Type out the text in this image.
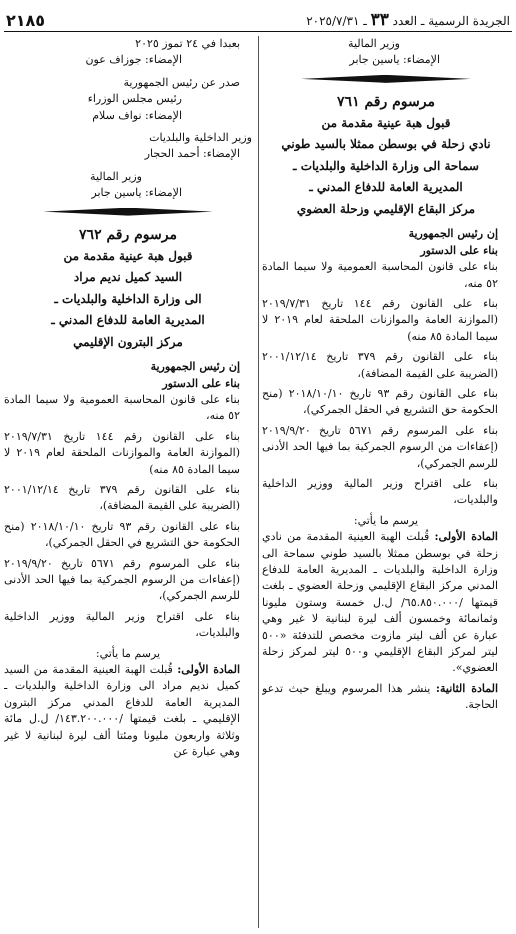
الجريدة الرسمية ـ العدد ٣٣ ـ ٢٠٢٥/٧/٣١
٢١٨٥
وزير المالية
الإمضاء: ياسين جابر
مرسوم رقم ٧٦١
قبول هبة عينية مقدمة من
نادي زحلة في بوسطن ممثلا بالسيد طوني
سماحة الى وزارة الداخلية والبلديات ـ
المديرية العامة للدفاع المدني ـ
مركز البقاع الإقليمي وزحلة العضوي
إن رئيس الجمهورية
بناء على الدستور
بناء على قانون المحاسبة العمومية ولا سيما المادة ٥٢ منه،
بناء على القانون رقم ١٤٤ تاريخ ٢٠١٩/٧/٣١ (الموازنة العامة والموازنات الملحقة لعام ٢٠١٩ لا سيما المادة ٨٥ منه)
بناء على القانون رقم ٣٧٩ تاريخ ٢٠٠١/١٢/١٤ (الضريبة على القيمة المضافة)،
بناء على القانون رقم ٩٣ تاريخ ٢٠١٨/١٠/١٠ (منح الحكومة حق التشريع في الحقل الجمركي)،
بناء على المرسوم رقم ٥٦٧١ تاريخ ٢٠١٩/٩/٢٠ (إعفاءات من الرسوم الجمركية بما فيها الحد الأدنى للرسم الجمركي)،
بناء على اقتراح وزير المالية ووزير الداخلية والبلديات،
يرسم ما يأتي:
المادة الأولى: قُبلت الهبة العينية المقدمة من نادي زحلة في بوسطن ممثلا بالسيد طوني سماحة الى وزارة الداخلية والبلديات ـ المديرية العامة للدفاع المدني مركز البقاع الإقليمي وزحلة العضوي ـ بلغت قيمتها /٦٥.٨٥٠.٠٠٠/ ل.ل خمسة وستون مليونا وثمانمائة وخمسون ألف ليرة لبنانية لا غير وهي عبارة عن ألف ليتر مازوت مخصص للتدفئة «٥٠٠ ليتر لمركز البقاع الإقليمي و٥٠٠ ليتر لمركز زحلة العضوي».
المادة الثانية: ينشر هذا المرسوم ويبلغ حيث تدعو الحاجة.
بعبدا في ٢٤ تموز ٢٠٢٥
الإمضاء: جوزاف عون
صدر عن رئيس الجمهورية
رئيس مجلس الوزراء
الإمضاء: نواف سلام
وزير الداخلية والبلديات
الإمضاء: أحمد الحجار
وزير المالية
الإمضاء: ياسين جابر
مرسوم رقم ٧٦٢
قبول هبة عينية مقدمة من
السيد كميل نديم مراد
الى وزارة الداخلية والبلديات ـ
المديرية العامة للدفاع المدني ـ
مركز البترون الإقليمي
إن رئيس الجمهورية
بناء على الدستور
بناء على قانون المحاسبة العمومية ولا سيما المادة ٥٢ منه،
بناء على القانون رقم ١٤٤ تاريخ ٢٠١٩/٧/٣١ (الموازنة العامة والموازنات الملحقة لعام ٢٠١٩ لا سيما المادة ٨٥ منه)
بناء على القانون رقم ٣٧٩ تاريخ ٢٠٠١/١٢/١٤ (الضريبة على القيمة المضافة)،
بناء على القانون رقم ٩٣ تاريخ ٢٠١٨/١٠/١٠ (منح الحكومة حق التشريع في الحقل الجمركي)،
بناء على المرسوم رقم ٥٦٧١ تاريخ ٢٠١٩/٩/٢٠ (إعفاءات من الرسوم الجمركية بما فيها الحد الأدنى للرسم الجمركي)،
بناء على اقتراح وزير المالية ووزير الداخلية والبلديات،
يرسم ما يأتي:
المادة الأولى: قُبلت الهبة العينية المقدمة من السيد كميل نديم مراد الى وزارة الداخلية والبلديات ـ المديرية العامة للدفاع المدني مركز البترون الإقليمي ـ بلغت قيمتها /١٤٣.٢٠٠.٠٠٠/ ل.ل مائة وثلاثة واربعون مليونا ومئتا ألف ليرة لبنانية لا غير وهي عبارة عن
